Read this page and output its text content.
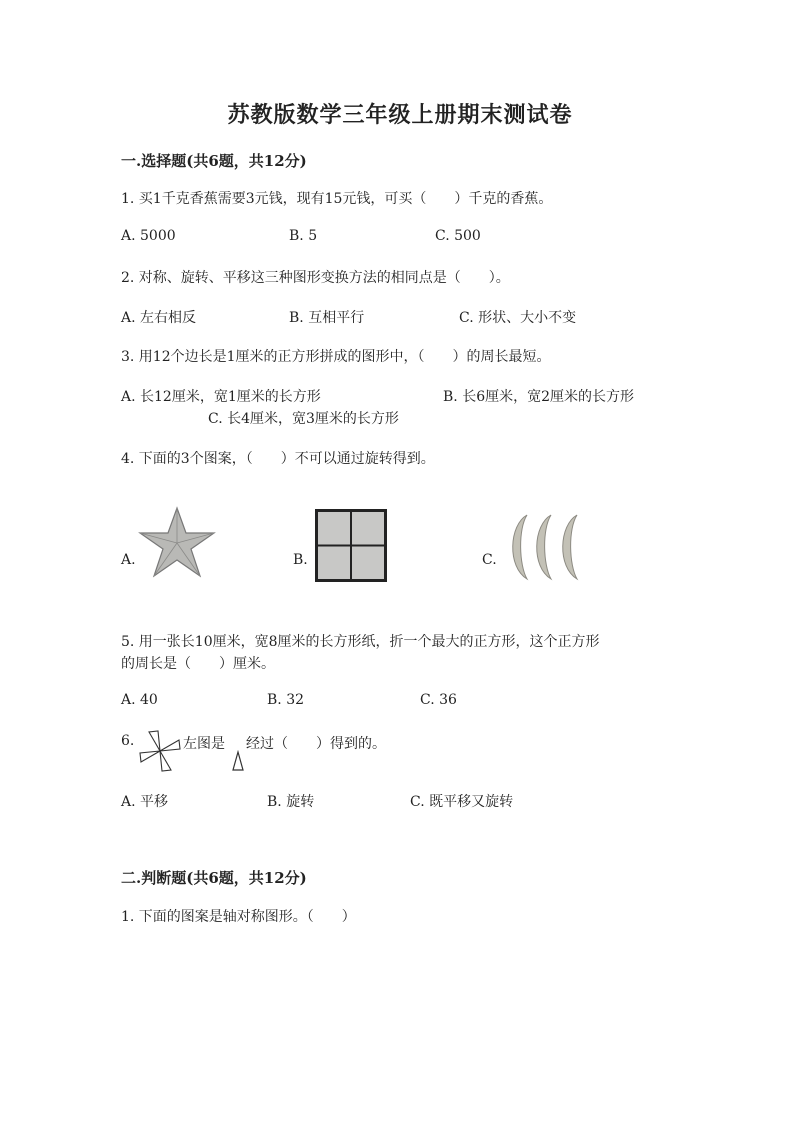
苏教版数学三年级上册期末测试卷
一.选择题(共6题，共12分)
1. 买1千克香蕉需要3元钱，现有15元钱，可买（　　）千克的香蕉。
A. 5000	B. 5	C. 500
2. 对称、旋转、平移这三种图形变换方法的相同点是（　　）。
A. 左右相反	B. 互相平行	C. 形状、大小不变
3. 用12个边长是1厘米的正方形拼成的图形中，（　　）的周长最短。
A. 长12厘米，宽1厘米的长方形	B. 长6厘米，宽2厘米的长方形
C. 长4厘米，宽3厘米的长方形
4. 下面的3个图案，（　　）不可以通过旋转得到。
A.	B.	C.
5. 用一张长10厘米，宽8厘米的长方形纸，折一个最大的正方形，这个正方形
的周长是（　　）厘米。
A. 40	B. 32	C. 36
6.	左图是 经过（　　）得到的。
A. 平移	B. 旋转	C. 既平移又旋转
二.判断题(共6题，共12分)
1. 下面的图案是轴对称图形。（　　）
